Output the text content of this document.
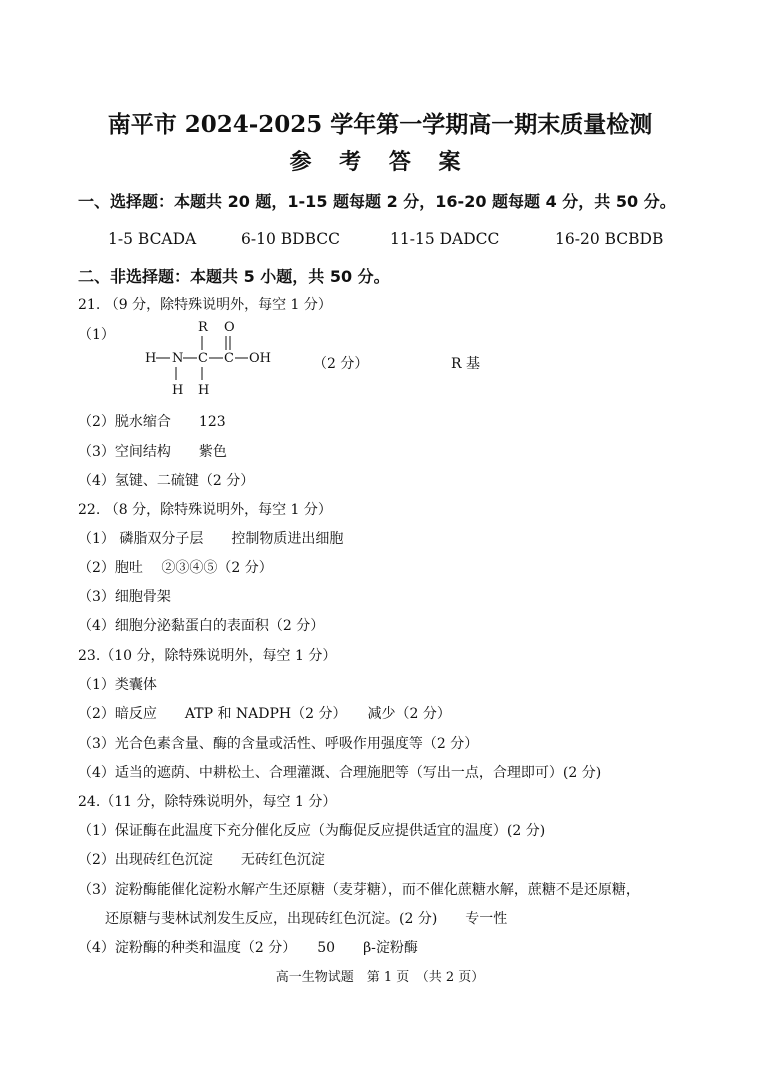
南平市 2024-2025 学年第一学期高一期末质量检测
参 考 答 案
一、选择题：本题共 20 题，1-15 题每题 2 分，16-20 题每题 4 分，共 50 分。
1-5 BCADA	6-10 BDBCC	11-15 DADCC	16-20 BCBDB
二、非选择题：本题共 5 小题，共 50 分。
21. （9 分，除特殊说明外，每空 1 分）
（1）	R O
H N C C OH
H H
（2 分）	R 基
（2）脱水缩合　　123
（3）空间结构　　紫色
（4）氢键、二硫键（2 分）
22. （8 分，除特殊说明外，每空 1 分）
（1） 磷脂双分子层　　控制物质进出细胞
（2）胞吐　 ②③④⑤（2 分）
（3）细胞骨架
（4）细胞分泌黏蛋白的表面积（2 分）
23.（10 分，除特殊说明外，每空 1 分）
（1）类囊体
（2）暗反应　　ATP 和 NADPH（2 分）　　减少（2 分）
（3）光合色素含量、酶的含量或活性、呼吸作用强度等（2 分）
（4）适当的遮荫、中耕松土、合理灌溉、合理施肥等（写出一点，合理即可）(2 分)
24.（11 分，除特殊说明外，每空 1 分）
（1）保证酶在此温度下充分催化反应（为酶促反应提供适宜的温度）(2 分)
（2）出现砖红色沉淀　　无砖红色沉淀
（3）淀粉酶能催化淀粉水解产生还原糖（麦芽糖），而不催化蔗糖水解，蔗糖不是还原糖，
还原糖与斐林试剂发生反应，出现砖红色沉淀。(2 分)　　专一性
（4）淀粉酶的种类和温度（2 分）　　50　　β-淀粉酶
高一生物试题　第 1 页　（共 2 页）
